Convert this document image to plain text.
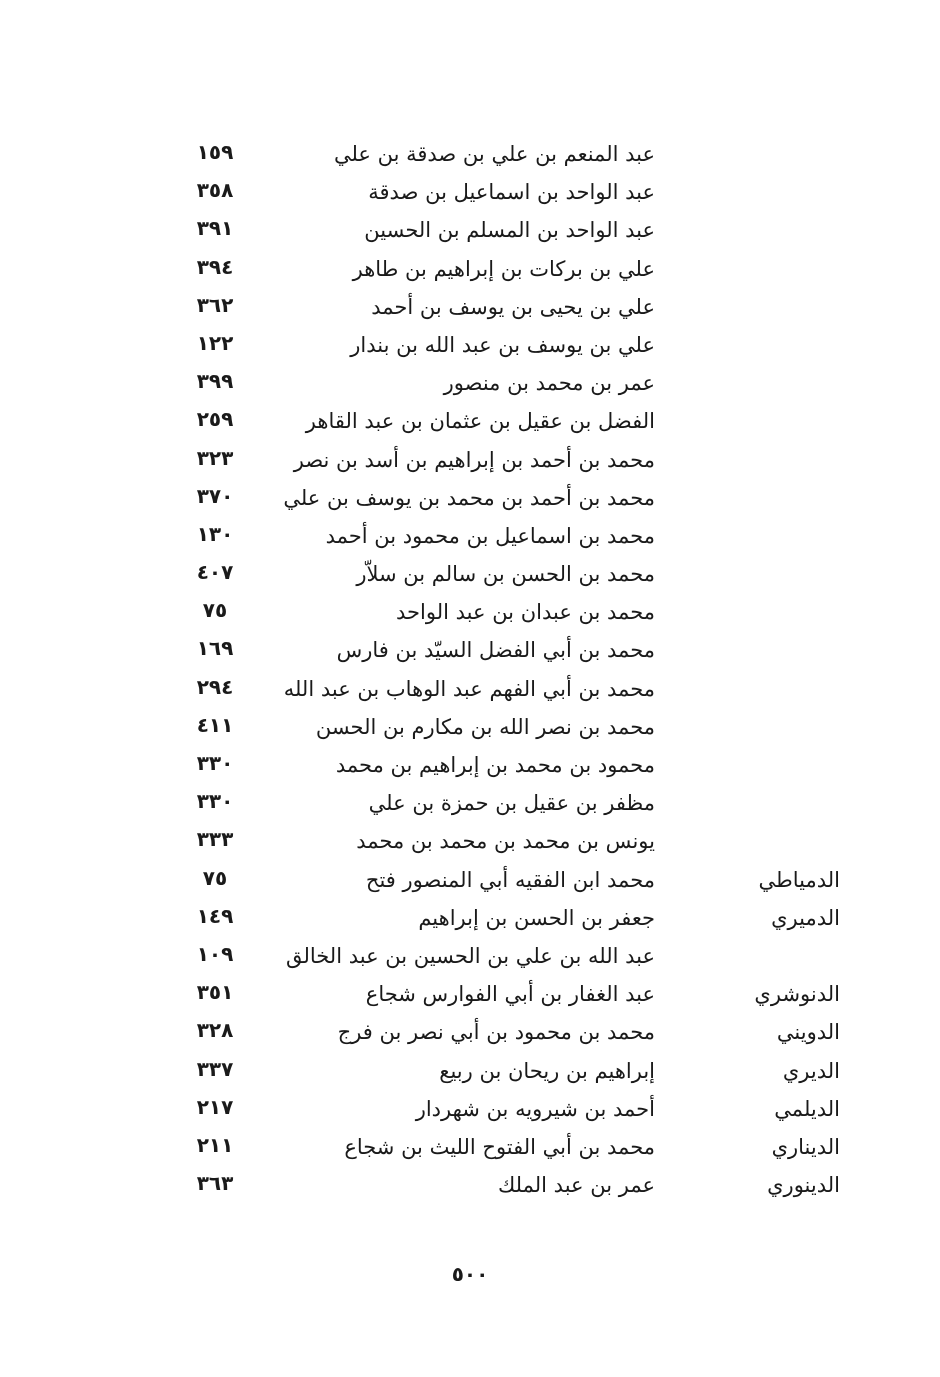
عبد المنعم بن علي بن صدقة بن علي
١٥٩
عبد الواحد بن اسماعيل بن صدقة
٣٥٨
عبد الواحد بن المسلم بن الحسين
٣٩١
علي بن بركات بن إبراهيم بن طاهر
٣٩٤
علي بن يحيى بن يوسف بن أحمد
٣٦٢
علي بن يوسف بن عبد الله بن بندار
١٢٢
عمر بن محمد بن منصور
٣٩٩
الفضل بن عقيل بن عثمان بن عبد القاهر
٢٥٩
محمد بن أحمد بن إبراهيم بن أسد بن نصر
٣٢٣
محمد بن أحمد بن محمد بن يوسف بن علي
٣٧٠
محمد بن اسماعيل بن محمود بن أحمد
١٣٠
محمد بن الحسن بن سالم بن سلاّر
٤٠٧
محمد بن عبدان بن عبد الواحد
٧٥
محمد بن أبي الفضل السيّد بن فارس
١٦٩
محمد بن أبي الفهم عبد الوهاب بن عبد الله
٢٩٤
محمد بن نصر الله بن مكارم بن الحسن
٤١١
محمود بن محمد بن إبراهيم بن محمد
٣٣٠
مظفر بن عقيل بن حمزة بن علي
٣٣٠
يونس بن محمد بن محمد بن محمد
٣٣٣
الدمياطي
محمد ابن الفقيه أبي المنصور فتح
٧٥
الدميري
جعفر بن الحسن بن إبراهيم
١٤٩
عبد الله بن علي بن الحسين بن عبد الخالق
١٠٩
الدنوشري
عبد الغفار بن أبي الفوارس شجاع
٣٥١
الدويني
محمد بن محمود بن أبي نصر بن فرج
٣٢٨
الديري
إبراهيم بن ريحان بن ربيع
٣٣٧
الديلمي
أحمد بن شيرويه بن شهردار
٢١٧
الديناري
محمد بن أبي الفتوح الليث بن شجاع
٢١١
الدينوري
عمر بن عبد الملك
٣٦٣
٥٠٠
